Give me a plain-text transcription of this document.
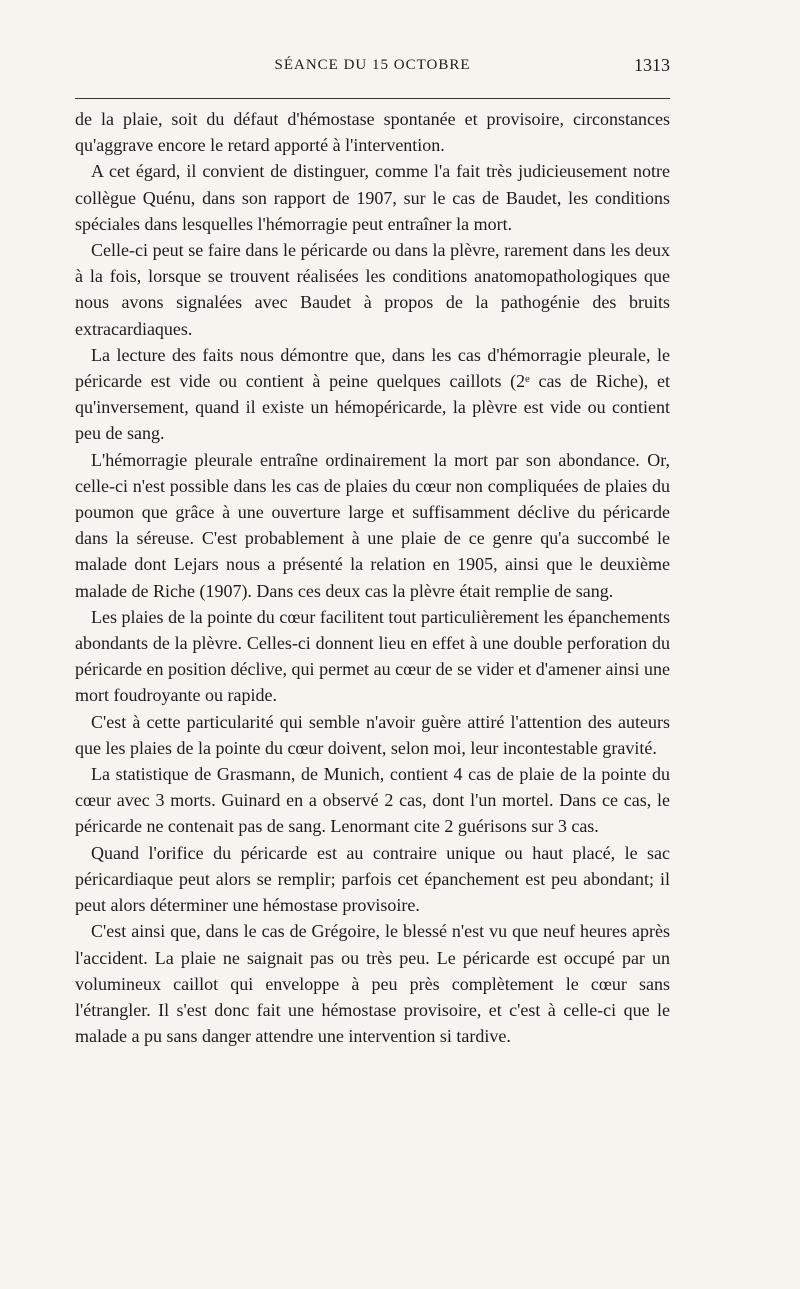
SÉANCE DU 15 OCTOBRE	1313

de la plaie, soit du défaut d'hémostase spontanée et provisoire, circonstances qu'aggrave encore le retard apporté à l'intervention.

A cet égard, il convient de distinguer, comme l'a fait très judicieusement notre collègue Quénu, dans son rapport de 1907, sur le cas de Baudet, les conditions spéciales dans lesquelles l'hémorragie peut entraîner la mort.

Celle-ci peut se faire dans le péricarde ou dans la plèvre, rarement dans les deux à la fois, lorsque se trouvent réalisées les conditions anatomopathologiques que nous avons signalées avec Baudet à propos de la pathogénie des bruits extracardiaques.

La lecture des faits nous démontre que, dans les cas d'hémorragie pleurale, le péricarde est vide ou contient à peine quelques caillots (2ᵉ cas de Riche), et qu'inversement, quand il existe un hémopéricarde, la plèvre est vide ou contient peu de sang.

L'hémorragie pleurale entraîne ordinairement la mort par son abondance. Or, celle-ci n'est possible dans les cas de plaies du cœur non compliquées de plaies du poumon que grâce à une ouverture large et suffisamment déclive du péricarde dans la séreuse. C'est probablement à une plaie de ce genre qu'a succombé le malade dont Lejars nous a présenté la relation en 1905, ainsi que le deuxième malade de Riche (1907). Dans ces deux cas la plèvre était remplie de sang.

Les plaies de la pointe du cœur facilitent tout particulièrement les épanchements abondants de la plèvre. Celles-ci donnent lieu en effet à une double perforation du péricarde en position déclive, qui permet au cœur de se vider et d'amener ainsi une mort foudroyante ou rapide.

C'est à cette particularité qui semble n'avoir guère attiré l'attention des auteurs que les plaies de la pointe du cœur doivent, selon moi, leur incontestable gravité.

La statistique de Grasmann, de Munich, contient 4 cas de plaie de la pointe du cœur avec 3 morts. Guinard en a observé 2 cas, dont l'un mortel. Dans ce cas, le péricarde ne contenait pas de sang. Lenormant cite 2 guérisons sur 3 cas.

Quand l'orifice du péricarde est au contraire unique ou haut placé, le sac péricardiaque peut alors se remplir; parfois cet épanchement est peu abondant; il peut alors déterminer une hémostase provisoire.

C'est ainsi que, dans le cas de Grégoire, le blessé n'est vu que neuf heures après l'accident. La plaie ne saignait pas ou très peu. Le péricarde est occupé par un volumineux caillot qui enveloppe à peu près complètement le cœur sans l'étrangler. Il s'est donc fait une hémostase provisoire, et c'est à celle-ci que le malade a pu sans danger attendre une intervention si tardive.
